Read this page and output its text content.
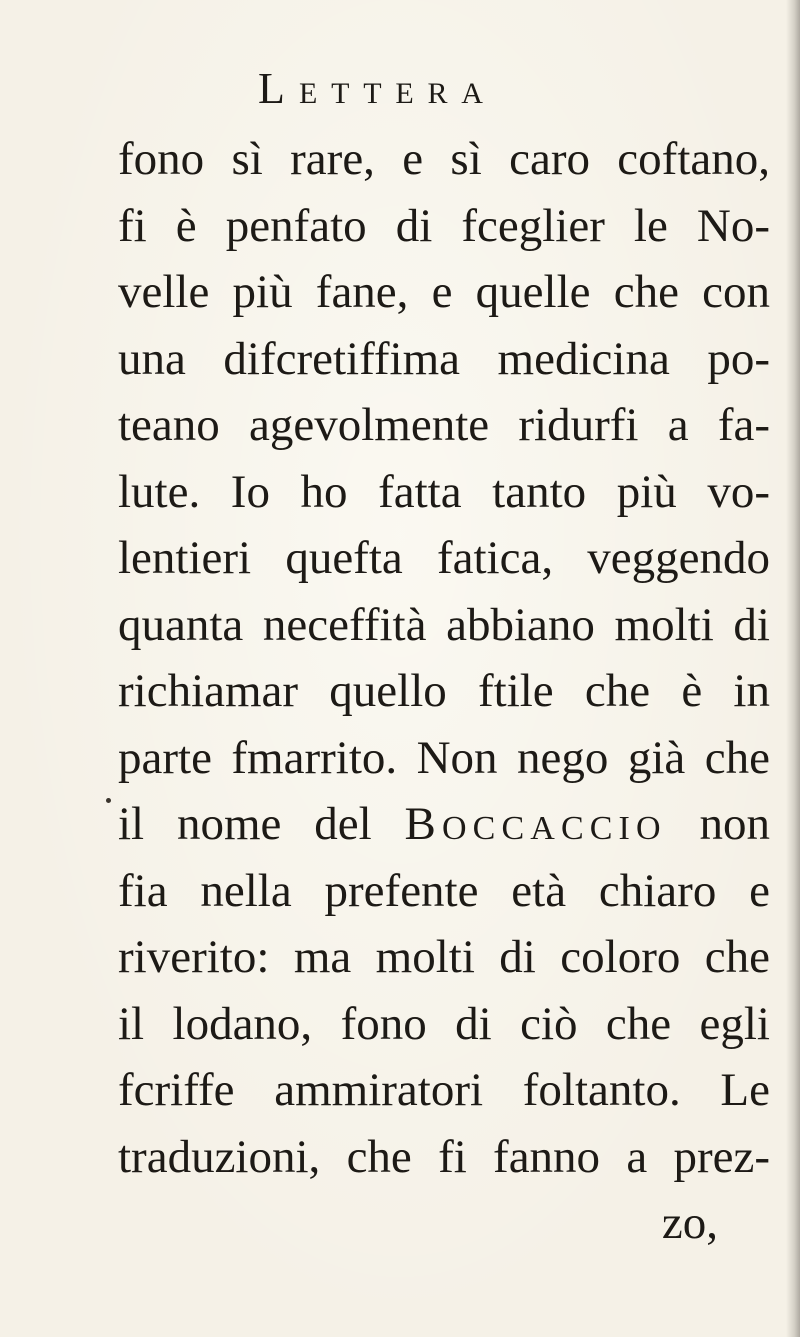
LETTERA
fono sì rare, e sì caro coftano,
fi è penfato di fceglier le No-
velle più fane, e quelle che con
una difcretiffima medicina po-
teano agevolmente ridurfi a fa-
lute. Io ho fatta tanto più vo-
lentieri quefta fatica, veggendo
quanta neceffità abbiano molti di
richiamar quello ftile che è in
parte fmarrito. Non nego già che
il nome del BOCCACCIO non
fia nella prefente età chiaro e
riverito: ma molti di coloro che
il lodano, fono di ciò che egli
fcriffe ammiratori foltanto. Le
traduzioni, che fi fanno a prez-
zo,
